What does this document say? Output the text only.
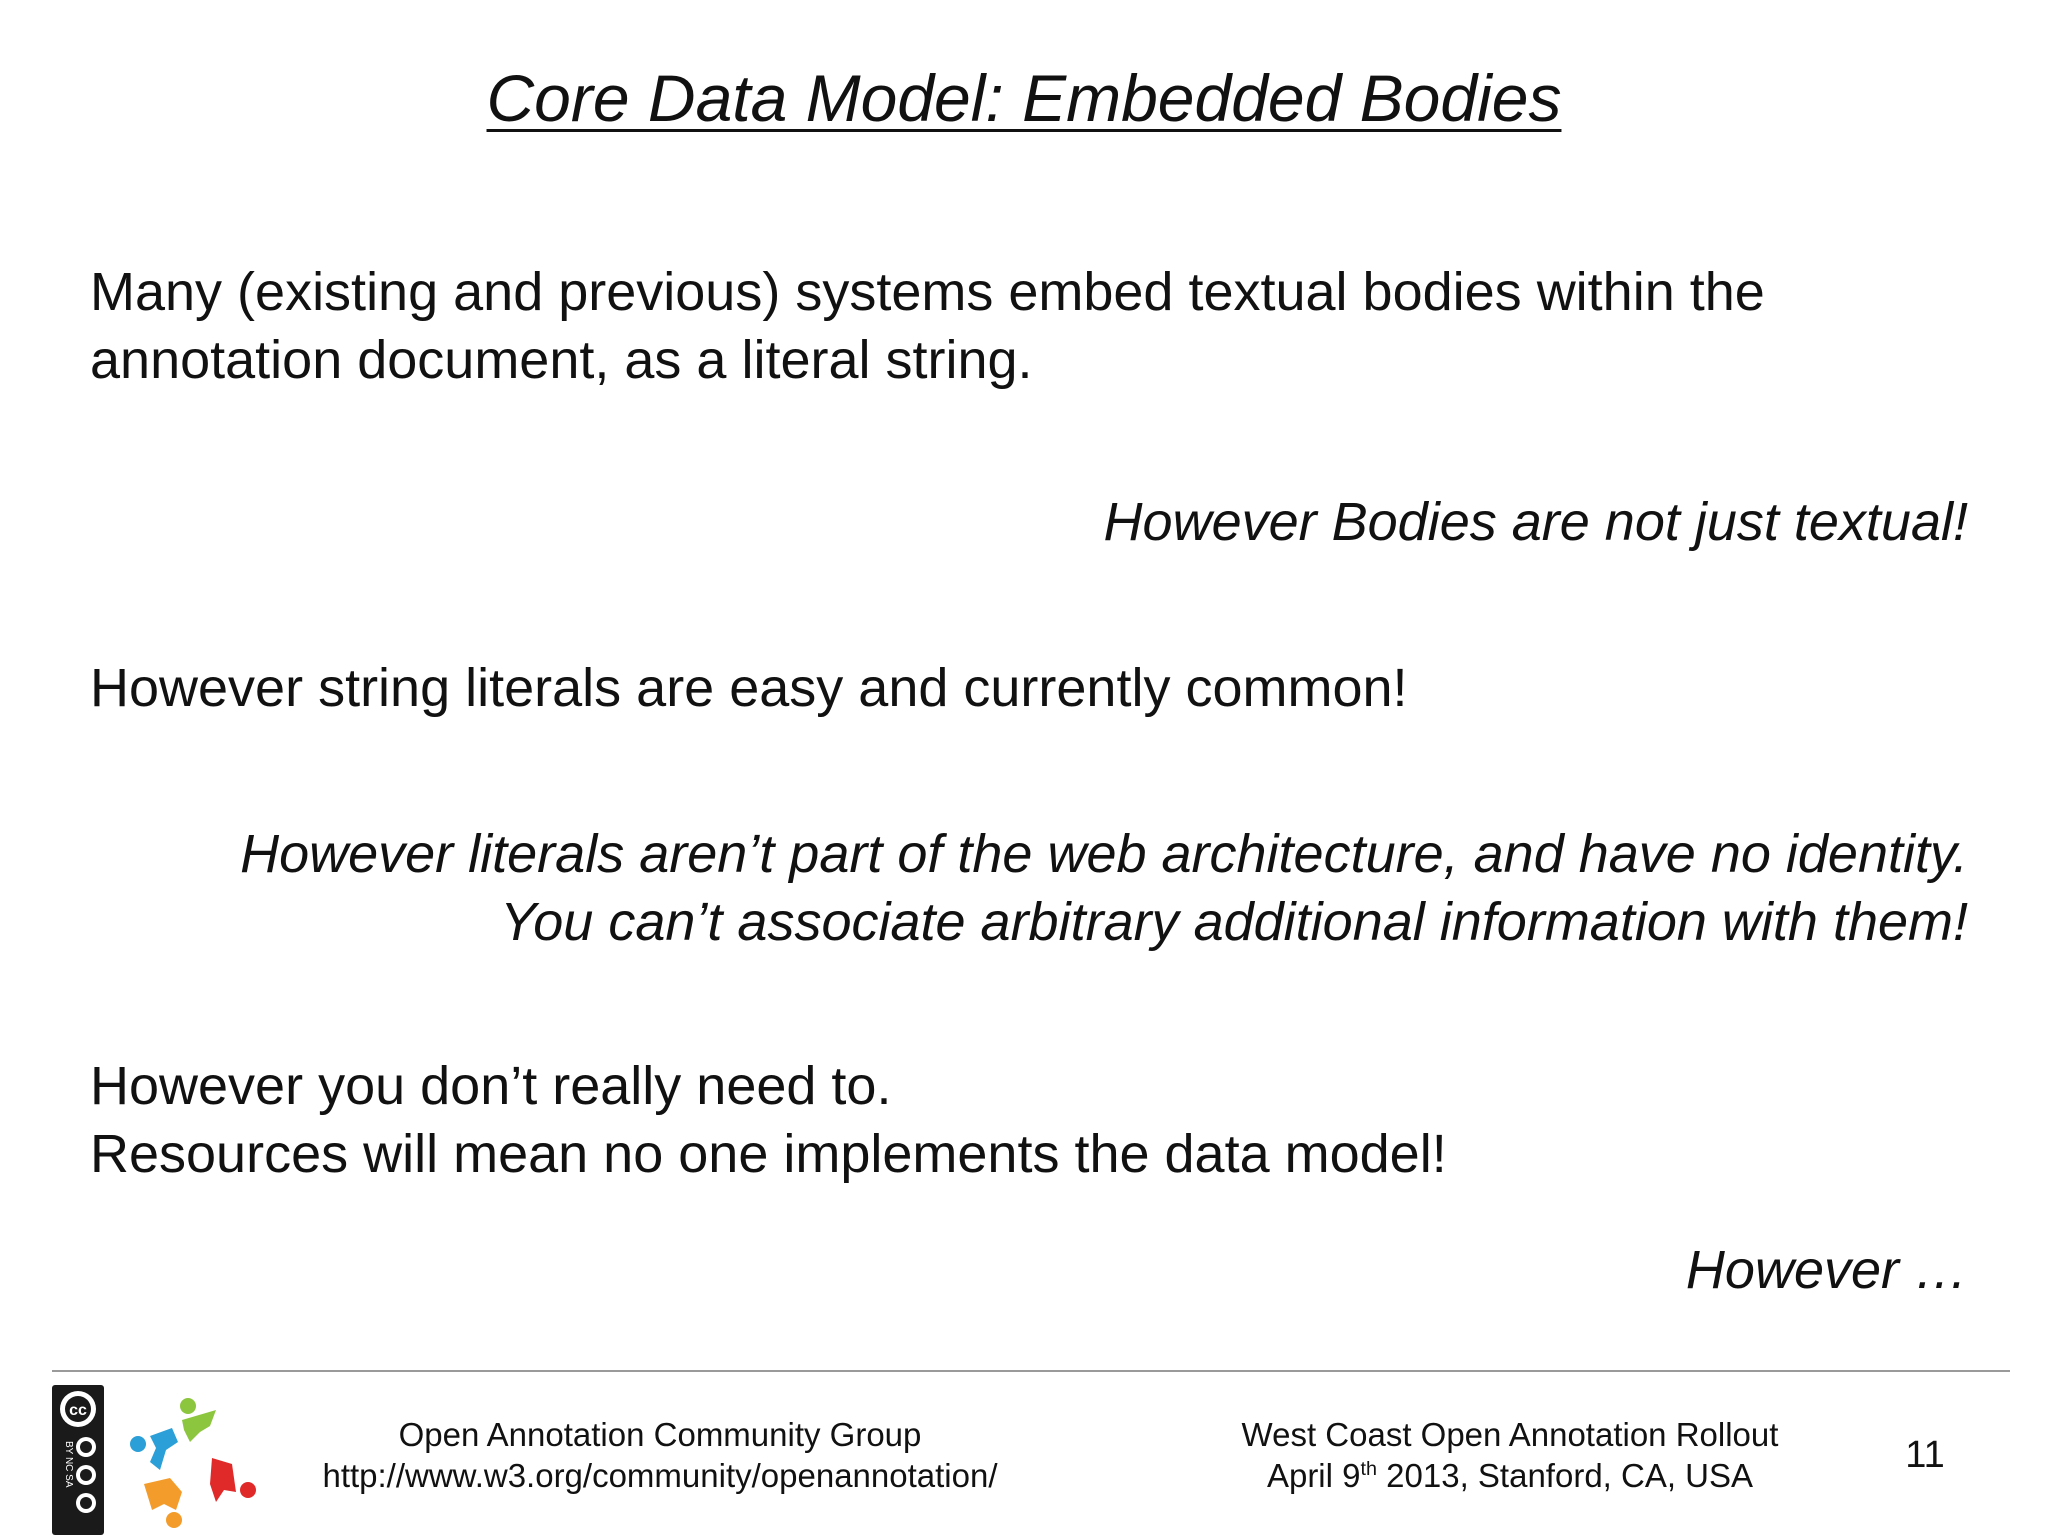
Core Data Model: Embedded Bodies
Many (existing and previous) systems embed textual bodies within the
annotation document, as a literal string.
However Bodies are not just textual!
However string literals are easy and currently common!
However literals aren’t part of the web architecture, and have no identity.
You can’t associate arbitrary additional information with them!
However you don’t really need to.
Resources will mean no one implements the data model!
However …
cc
BY NC SA
Open Annotation Community Group
http://www.w3.org/community/openannotation/
West Coast Open Annotation Rollout
April 9th 2013, Stanford, CA, USA	11
